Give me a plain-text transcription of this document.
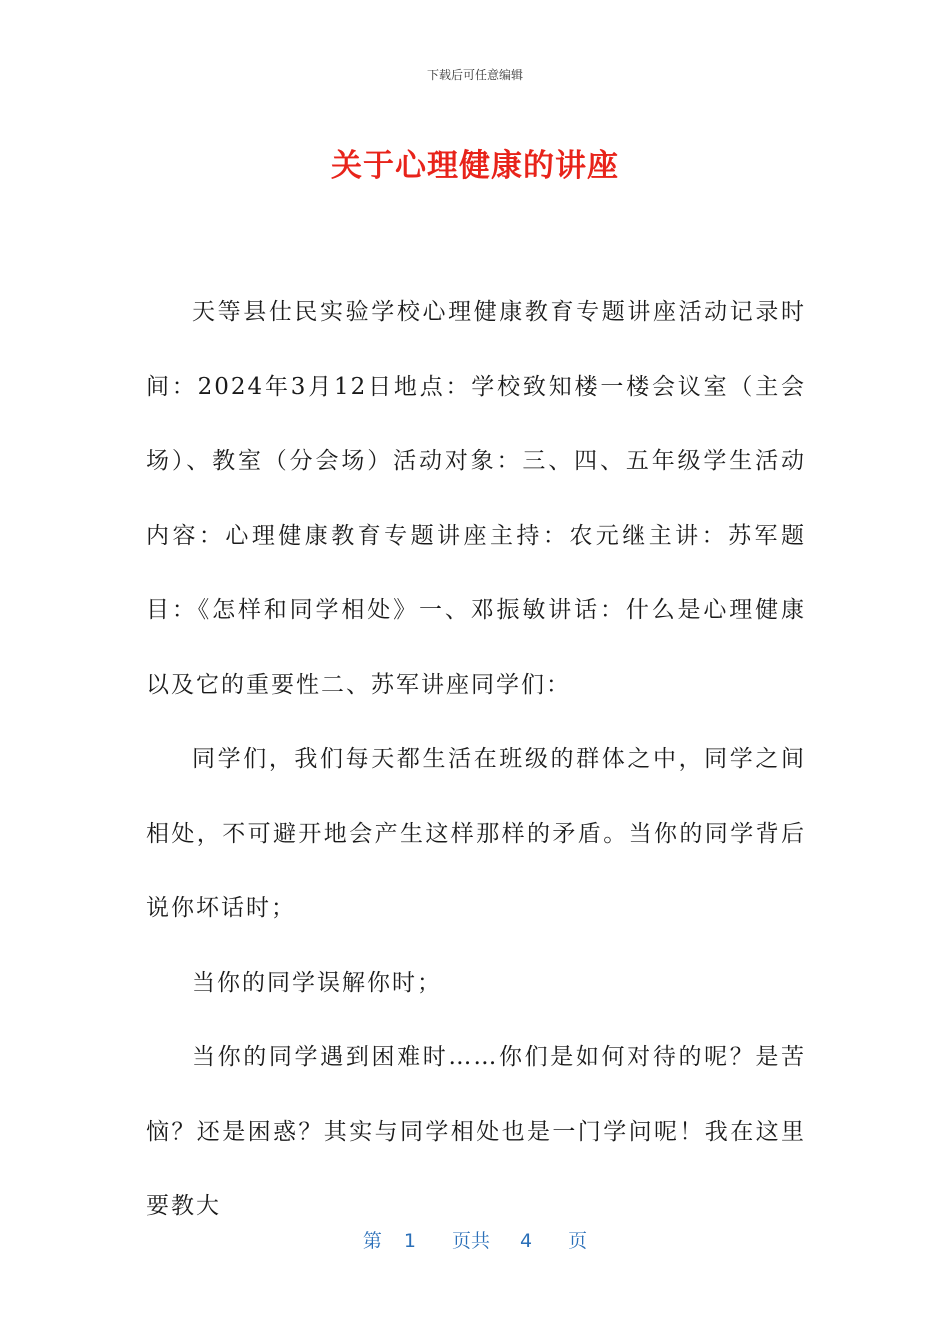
下载后可任意编辑
关于心理健康的讲座

天等县仕民实验学校心理健康教育专题讲座活动记录时间：2024年3月12日地点：学校致知楼一楼会议室（主会场）、教室（分会场）活动对象：三、四、五年级学生活动内容：心理健康教育专题讲座主持：农元继主讲：苏军题目：《怎样和同学相处》一、邓振敏讲话：什么是心理健康以及它的重要性二、苏军讲座同学们：

同学们，我们每天都生活在班级的群体之中，同学之间相处，不可避开地会产生这样那样的矛盾。当你的同学背后说你坏话时；

当你的同学误解你时；

当你的同学遇到困难时……你们是如何对待的呢？是苦恼？还是困惑？其实与同学相处也是一门学问呢！我在这里要教大

第 1 页共 4 页
